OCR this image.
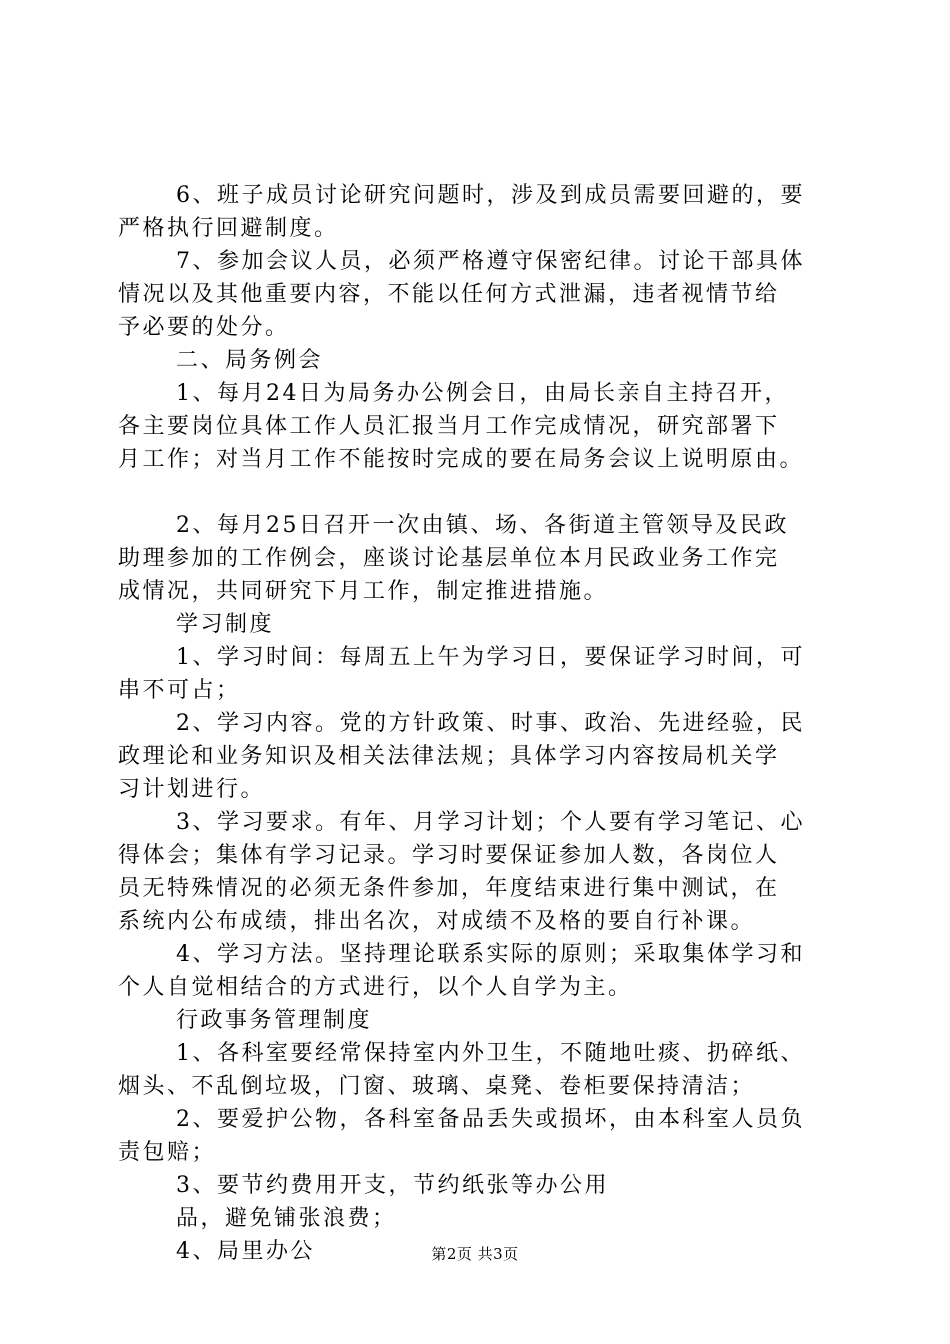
6、班子成员讨论研究问题时，涉及到成员需要回避的，要

严格执行回避制度。

7、参加会议人员，必须严格遵守保密纪律。讨论干部具体

情况以及其他重要内容，不能以任何方式泄漏，违者视情节给

予必要的处分。

二、局务例会

1、每月24日为局务办公例会日，由局长亲自主持召开，

各主要岗位具体工作人员汇报当月工作完成情况，研究部署下

月工作；对当月工作不能按时完成的要在局务会议上说明原由。

2、每月25日召开一次由镇、场、各街道主管领导及民政

助理参加的工作例会，座谈讨论基层单位本月民政业务工作完

成情况，共同研究下月工作，制定推进措施。

学习制度

1、学习时间：每周五上午为学习日，要保证学习时间，可

串不可占；

2、学习内容。党的方针政策、时事、政治、先进经验，民

政理论和业务知识及相关法律法规；具体学习内容按局机关学

习计划进行。

3、学习要求。有年、月学习计划；个人要有学习笔记、心

得体会；集体有学习记录。学习时要保证参加人数，各岗位人

员无特殊情况的必须无条件参加，年度结束进行集中测试，在

系统内公布成绩，排出名次，对成绩不及格的要自行补课。

4、学习方法。坚持理论联系实际的原则；采取集体学习和

个人自觉相结合的方式进行，以个人自学为主。

行政事务管理制度

1、各科室要经常保持室内外卫生，不随地吐痰、扔碎纸、

烟头、不乱倒垃圾，门窗、玻璃、桌凳、卷柜要保持清洁；

2、要爱护公物，各科室备品丢失或损坏，由本科室人员负

责包赔；

3、要节约费用开支，节约纸张等办公用

品，避免铺张浪费；

4、局里办公	第2页 共3页
